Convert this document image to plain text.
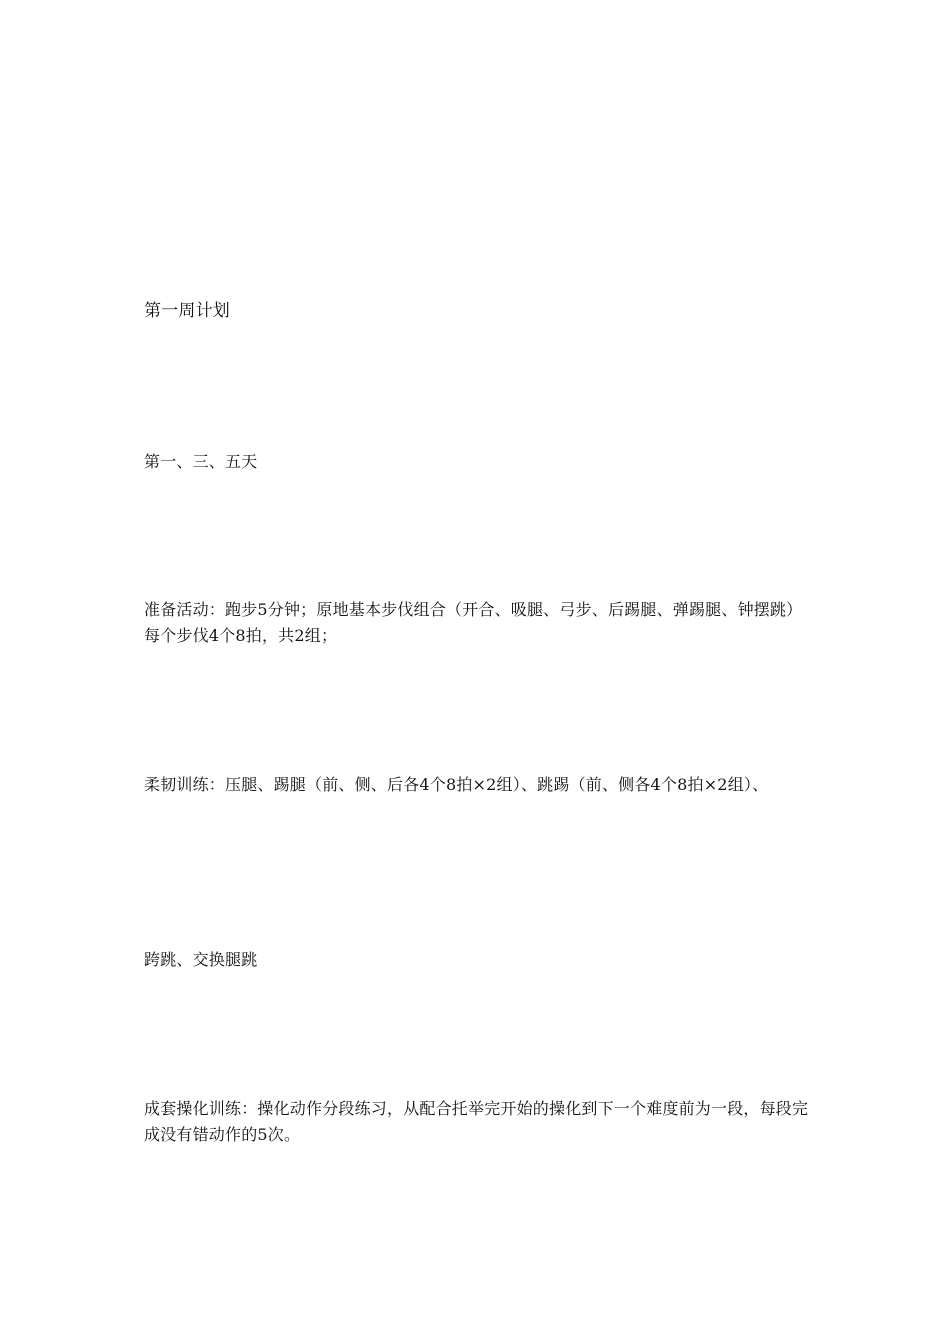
第一周计划

第一、三、五天

准备活动：跑步5分钟；原地基本步伐组合（开合、吸腿、弓步、后踢腿、弹踢腿、钟摆跳）每个步伐4个8拍，共2组；

柔韧训练：压腿、踢腿（前、侧、后各4个8拍×2组）、跳踢（前、侧各4个8拍×2组）、

跨跳、交换腿跳

成套操化训练：操化动作分段练习，从配合托举完开始的操化到下一个难度前为一段，每段完成没有错动作的5次。
